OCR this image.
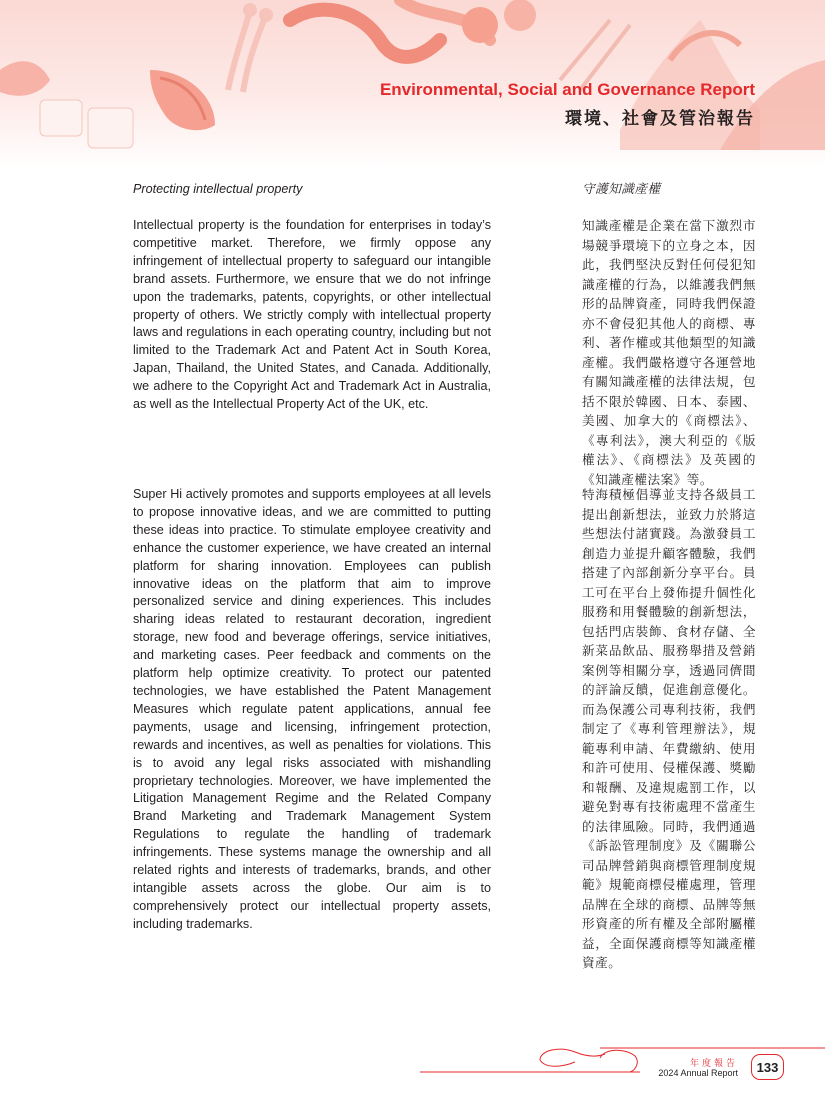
Environmental, Social and Governance Report
環境、社會及管治報告
Protecting intellectual property	守護知識產權
Intellectual property is the foundation for enterprises in today’s competitive market. Therefore, we firmly oppose any infringement of intellectual property to safeguard our intangible brand assets. Furthermore, we ensure that we do not infringe upon the trademarks, patents, copyrights, or other intellectual property of others. We strictly comply with intellectual property laws and regulations in each operating country, including but not limited to the Trademark Act and Patent Act in South Korea, Japan, Thailand, the United States, and Canada. Additionally, we adhere to the Copyright Act and Trademark Act in Australia, as well as the Intellectual Property Act of the UK, etc.
知識產權是企業在當下激烈市場競爭環境下的立身之本，因此，我們堅決反對任何侵犯知識產權的行為，以維護我們無形的品牌資產，同時我們保證亦不會侵犯其他人的商標、專利、著作權或其他類型的知識產權。我們嚴格遵守各運營地有關知識產權的法律法規，包括不限於韓國、日本、泰國、美國、加拿大的《商標法》、《專利法》，澳大利亞的《版權法》、《商標法》及英國的《知識產權法案》等。
Super Hi actively promotes and supports employees at all levels to propose innovative ideas, and we are committed to putting these ideas into practice. To stimulate employee creativity and enhance the customer experience, we have created an internal platform for sharing innovation. Employees can publish innovative ideas on the platform that aim to improve personalized service and dining experiences. This includes sharing ideas related to restaurant decoration, ingredient storage, new food and beverage offerings, service initiatives, and marketing cases. Peer feedback and comments on the platform help optimize creativity. To protect our patented technologies, we have established the Patent Management Measures which regulate patent applications, annual fee payments, usage and licensing, infringement protection, rewards and incentives, as well as penalties for violations. This is to avoid any legal risks associated with mishandling proprietary technologies. Moreover, we have implemented the Litigation Management Regime and the Related Company Brand Marketing and Trademark Management System Regulations to regulate the handling of trademark infringements. These systems manage the ownership and all related rights and interests of trademarks, brands, and other intangible assets across the globe. Our aim is to comprehensively protect our intellectual property assets, including trademarks.
特海積極倡導並支持各級員工提出創新想法，並致力於將這些想法付諸實踐。為激發員工創造力並提升顧客體驗，我們搭建了內部創新分享平台。員工可在平台上發佈提升個性化服務和用餐體驗的創新想法，包括門店裝飾、食材存儲、全新菜品飲品、服務舉措及營銷案例等相關分享，透過同儕間的評論反饋，促進創意優化。而為保護公司專利技術，我們制定了《專利管理辦法》，規範專利申請、年費繳納、使用和許可使用、侵權保護、獎勵和報酬、及違規處罰工作，以避免對專有技術處理不當產生的法律風險。同時，我們通過《訴訟管理制度》及《關聯公司品牌營銷與商標管理制度規範》規範商標侵權處理，管理品牌在全球的商標、品牌等無形資產的所有權及全部附屬權益，全面保護商標等知識產權資產。
年度報告
2024 Annual Report	133
